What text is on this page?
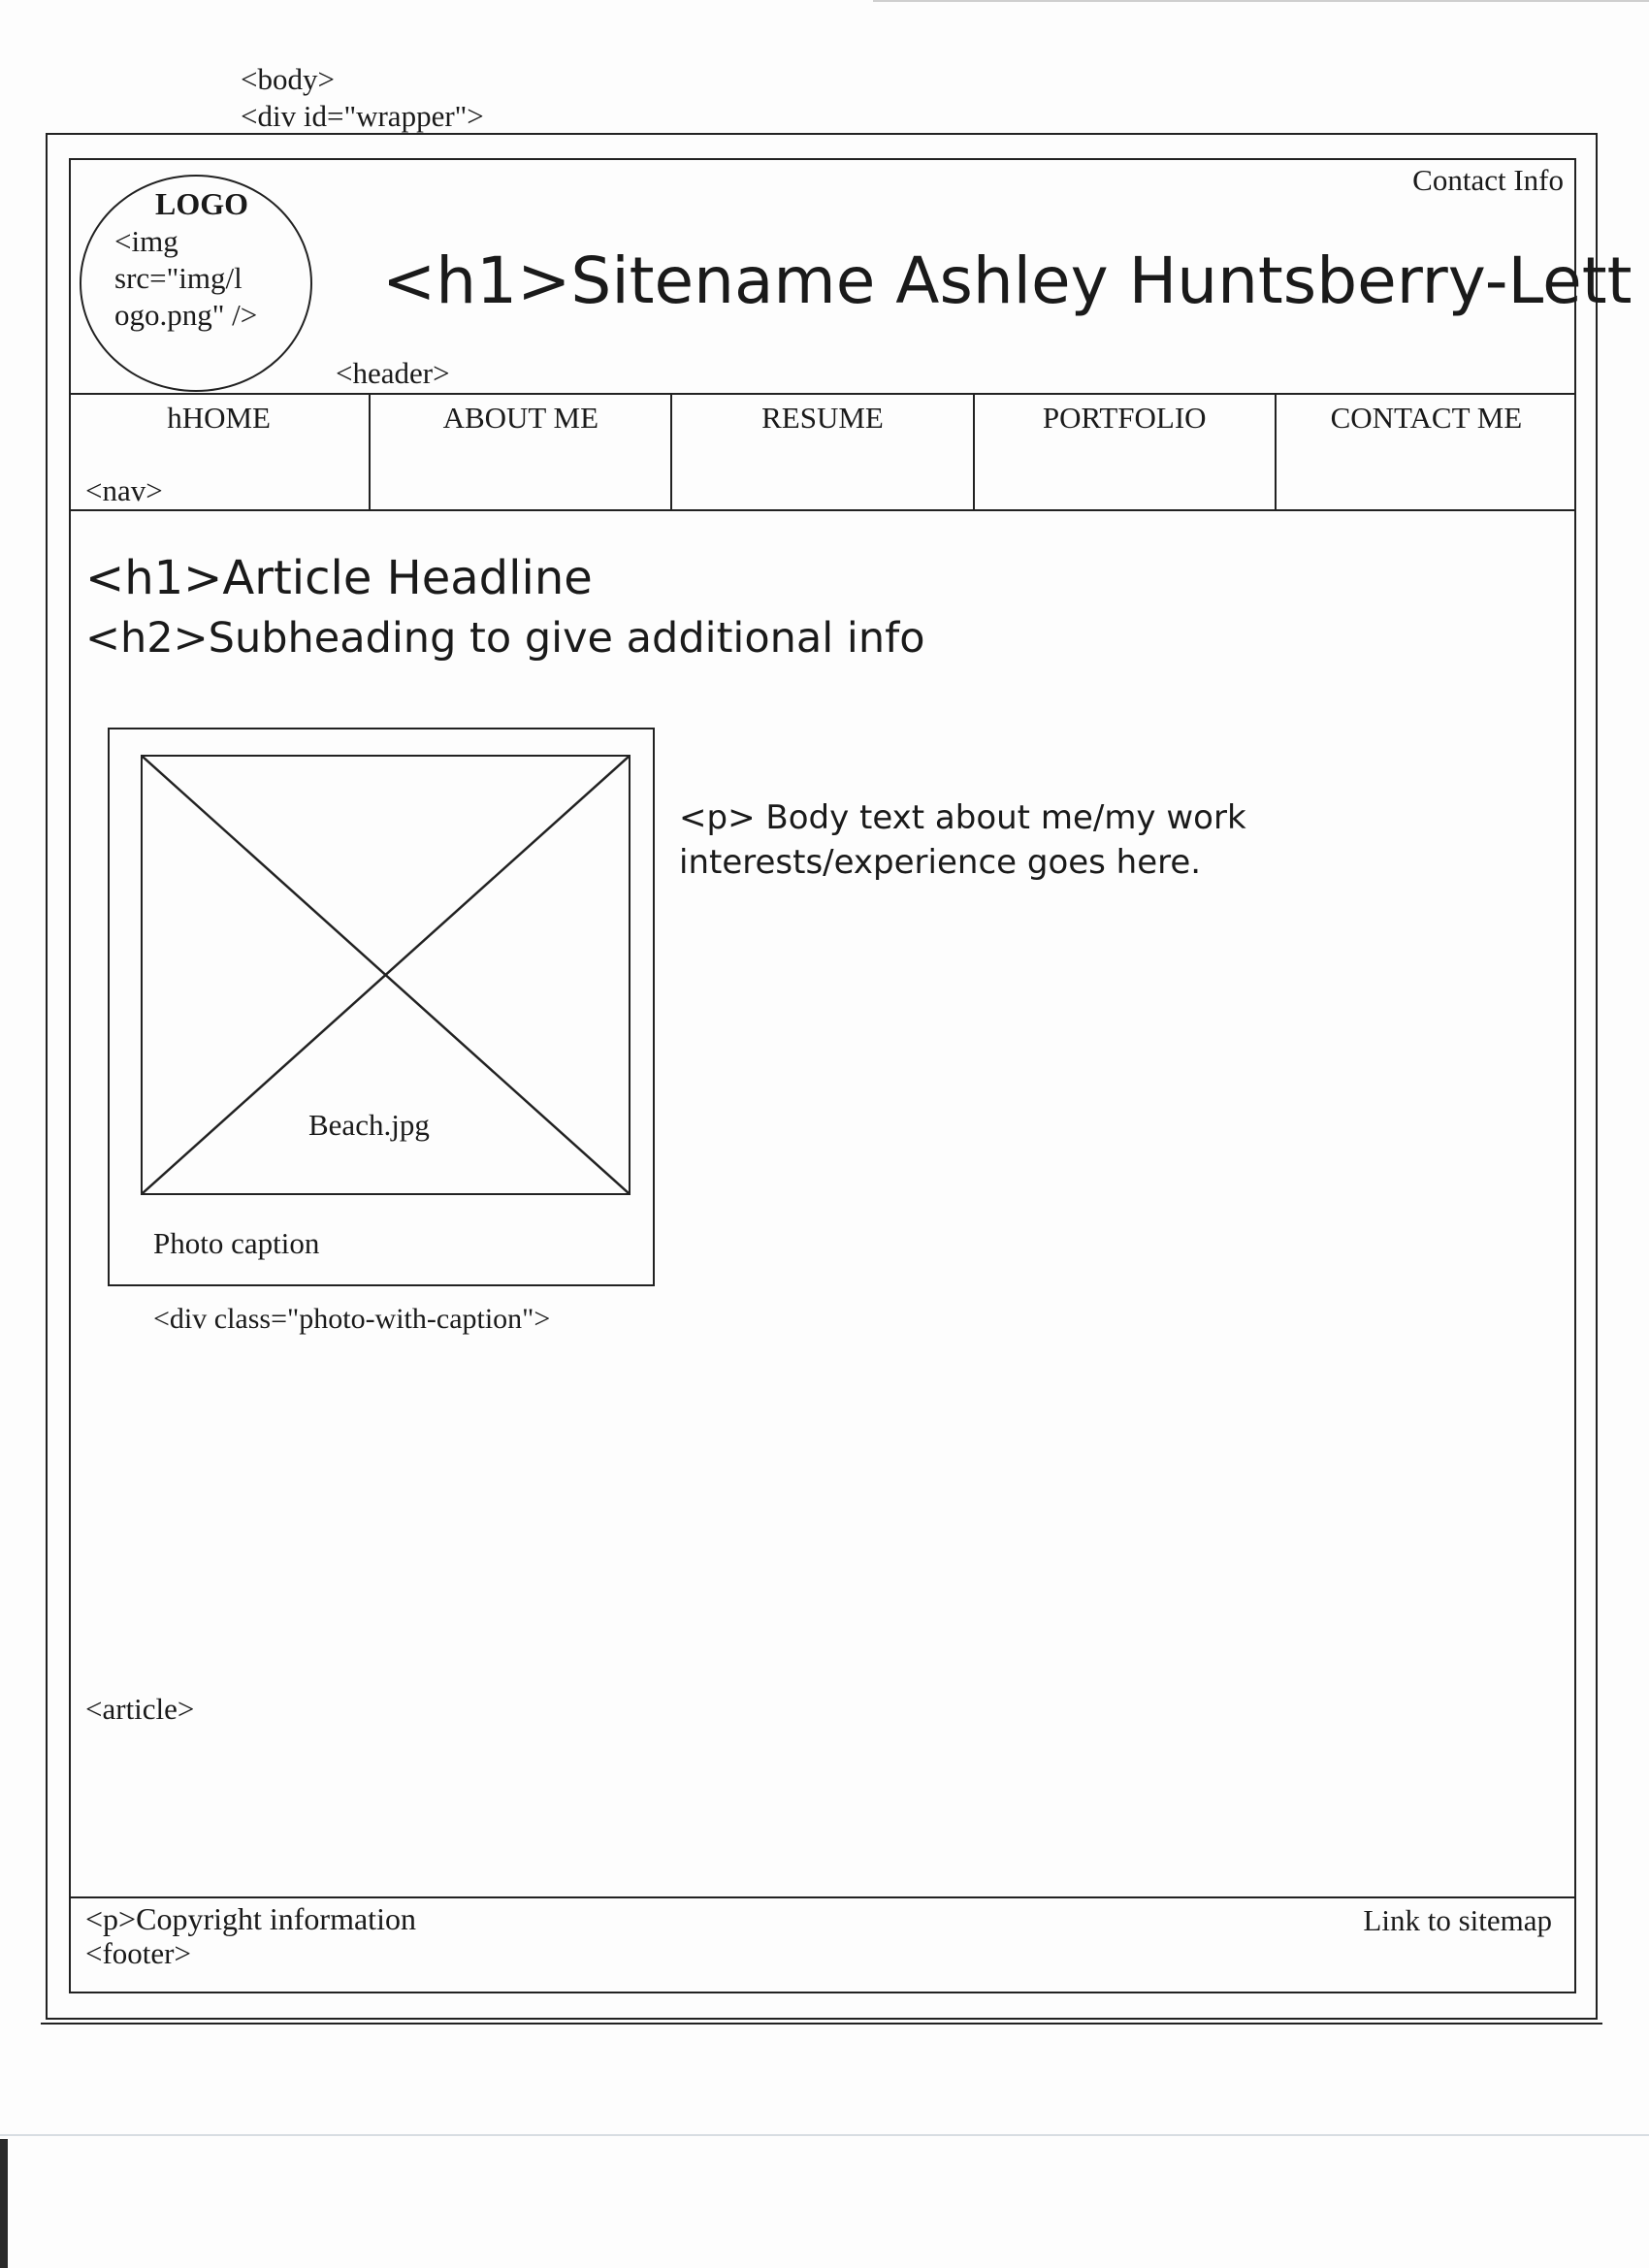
<body>
<div id="wrapper">
Contact Info
LOGO
<img
src="img/l
ogo.png" />	<h1>Sitename Ashley Huntsberry-Lett
<header>
hHOME	ABOUT ME	RESUME	PORTFOLIO	CONTACT ME
<nav>
<h1>Article Headline
<h2>Subheading to give additional info
Beach.jpg
Photo caption
<div class="photo-with-caption">
<p> Body text about me/my work interests/experience goes here.
<article>
<p>Copyright information
<footer>
Link to sitemap
